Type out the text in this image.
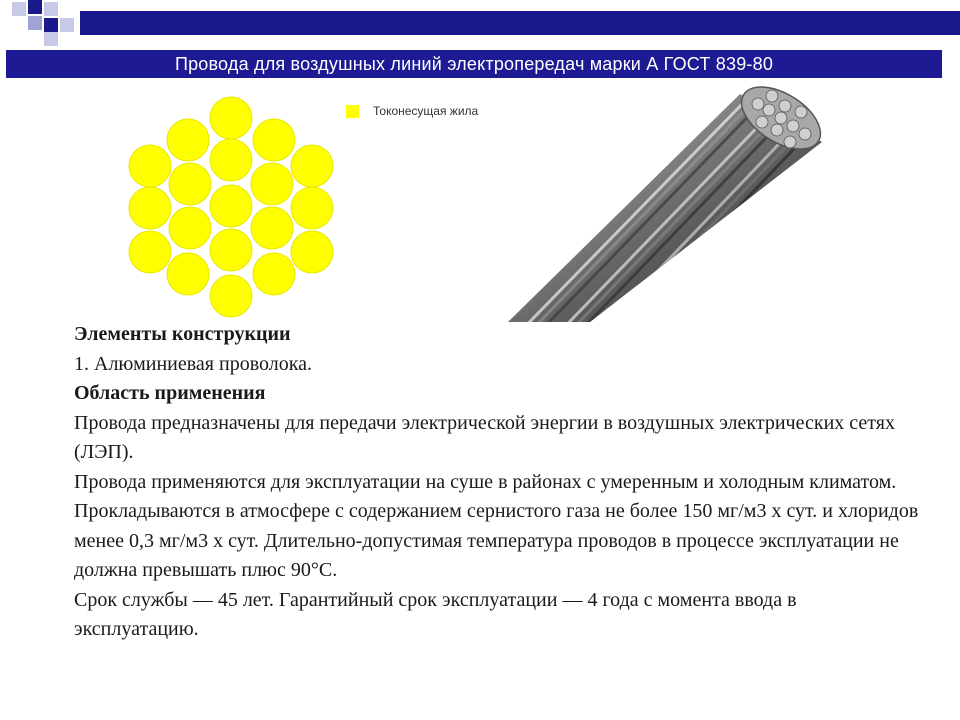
Провода для воздушных линий электропередач марки А ГОСТ 839-80
Токонесущая жила

Элементы конструкции

1. Алюминиевая проволока.

Область применения

Провода предназначены для передачи электрической энергии в воздушных электрических сетях (ЛЭП).

Провода применяются для эксплуатации на суше в районах с умеренным и холодным климатом. Прокладываются в атмосфере с содержанием сернистого газа не более 150 мг/м3 х сут. и хлоридов менее 0,3 мг/м3 х сут. Длительно-допустимая температура проводов в процессе эксплуатации не должна превышать плюс 90°С.

Срок службы — 45 лет. Гарантийный срок эксплуатации — 4 года с момента ввода в эксплуатацию.
